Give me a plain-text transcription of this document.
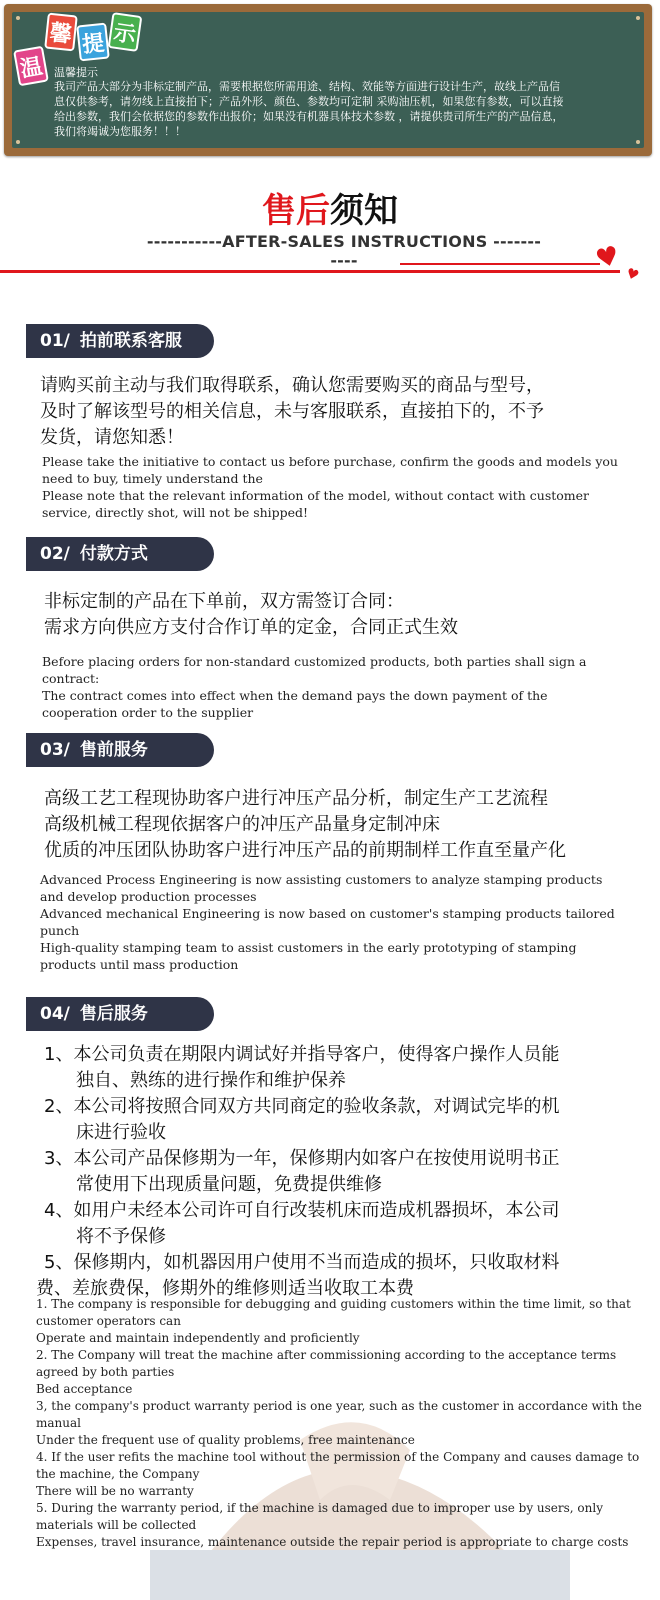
温
馨 提 示
温馨提示
我司产品大部分为非标定制产品，需要根据您所需用途、结构、效能等方面进行设计生产，故线上产品信
息仅供参考，请勿线上直接拍下；产品外形、颜色、参数均可定制 采购油压机，如果您有参数，可以直接
给出参数，我们会依据您的参数作出报价；如果没有机器具体技术参数 ，请提供贵司所生产的产品信息，
我们将竭诚为您服务！！！
售后须知
-----------AFTER-SALES INSTRUCTIONS -----------	♥ ♥
01/ 拍前联系客服
请购买前主动与我们取得联系，确认您需要购买的商品与型号，
及时了解该型号的相关信息，未与客服联系，直接拍下的，不予
发货，请您知悉！
Please take the initiative to contact us before purchase, confirm the goods and models you
need to buy, timely understand the
Please note that the relevant information of the model, without contact with customer
service, directly shot, will not be shipped!
02/ 付款方式
非标定制的产品在下单前，双方需签订合同：
需求方向供应方支付合作订单的定金，合同正式生效
Before placing orders for non-standard customized products, both parties shall sign a
contract:
The contract comes into effect when the demand pays the down payment of the
cooperation order to the supplier
03/ 售前服务
高级工艺工程现协助客户进行冲压产品分析，制定生产工艺流程
高级机械工程现依据客户的冲压产品量身定制冲床
优质的冲压团队协助客户进行冲压产品的前期制样工作直至量产化
Advanced Process Engineering is now assisting customers to analyze stamping products
and develop production processes
Advanced mechanical Engineering is now based on customer's stamping products tailored
punch
High-quality stamping team to assist customers in the early prototyping of stamping
products until mass production
04/ 售后服务
1、本公司负责在期限内调试好并指导客户，使得客户操作人员能
独自、熟练的进行操作和维护保养
2、本公司将按照合同双方共同商定的验收条款，对调试完毕的机
床进行验收
3、本公司产品保修期为一年，保修期内如客户在按使用说明书正
常使用下出现质量问题，免费提供维修
4、如用户未经本公司许可自行改装机床而造成机器损坏，本公司
将不予保修
5、保修期内，如机器因用户使用不当而造成的损坏，只收取材料
费、差旅费保，修期外的维修则适当收取工本费
1. The company is responsible for debugging and guiding customers within the time limit, so that
customer operators can
Operate and maintain independently and proficiently
2. The Company will treat the machine after commissioning according to the acceptance terms
agreed by both parties
Bed acceptance
3, the company's product warranty period is one year, such as the customer in accordance with the
manual
Under the frequent use of quality problems, free maintenance
4. If the user refits the machine tool without the permission of the Company and causes damage to
the machine, the Company
There will be no warranty
5. During the warranty period, if the machine is damaged due to improper use by users, only
materials will be collected
Expenses, travel insurance, maintenance outside the repair period is appropriate to charge costs
